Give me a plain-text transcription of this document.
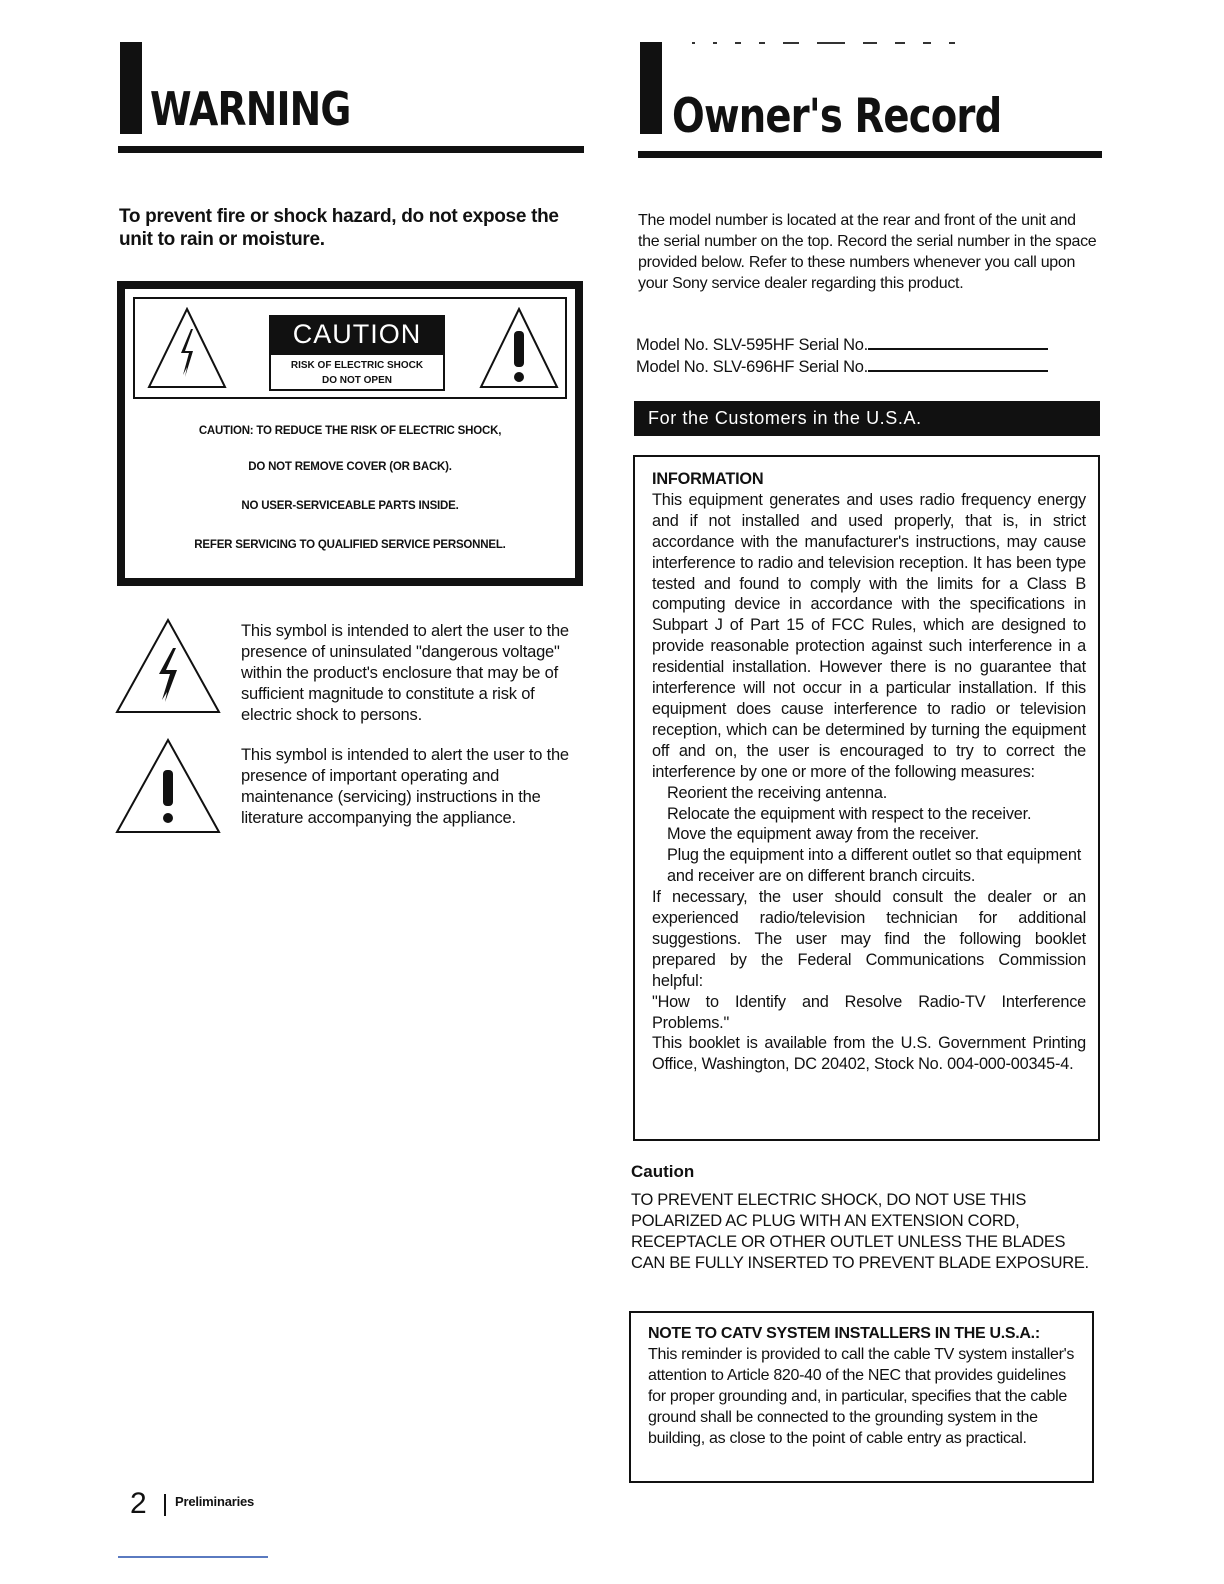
WARNING
To prevent fire or shock hazard, do not expose the unit to rain or moisture.
CAUTION
RISK OF ELECTRIC SHOCK
DO NOT OPEN
CAUTION: TO REDUCE THE RISK OF ELECTRIC SHOCK,
DO NOT REMOVE COVER (OR BACK).
NO USER-SERVICEABLE PARTS INSIDE.
REFER SERVICING TO QUALIFIED SERVICE PERSONNEL.
This symbol is intended to alert the user to the presence of uninsulated "dangerous voltage" within the product's enclosure that may be of sufficient magnitude to constitute a risk of electric shock to persons.
This symbol is intended to alert the user to the presence of important operating and maintenance (servicing) instructions in the literature accompanying the appliance.
Owner's Record
The model number is located at the rear and front of the unit and the serial number on the top. Record the serial number in the space provided below. Refer to these numbers whenever you call upon your Sony service dealer regarding this product.
Model No. SLV-595HF Serial No.
Model No. SLV-696HF Serial No.
For the Customers in the U.S.A.

INFORMATION

This equipment generates and uses radio frequency energy and if not installed and used properly, that is, in strict accordance with the manufacturer's instructions, may cause interference to radio and television reception. It has been type tested and found to comply with the limits for a Class B computing device in accordance with the specifications in Subpart J of Part 15 of FCC Rules, which are designed to provide reasonable protection against such interference in a residential installation. However there is no guarantee that interference will not occur in a particular installation. If this equipment does cause interference to radio or television reception, which can be determined by turning the equipment off and on, the user is encouraged to try to correct the interference by one or more of the following measures:

Reorient the receiving antenna.

Relocate the equipment with respect to the receiver.

Move the equipment away from the receiver.

Plug the equipment into a different outlet so that equipment and receiver are on different branch circuits.

If necessary, the user should consult the dealer or an experienced radio/television technician for additional suggestions. The user may find the following booklet prepared by the Federal Communications Commission helpful:

"How to Identify and Resolve Radio-TV Interference Problems."

This booklet is available from the U.S. Government Printing Office, Washington, DC 20402, Stock No. 004-000-00345-4.

Caution
TO PREVENT ELECTRIC SHOCK, DO NOT USE THIS POLARIZED AC PLUG WITH AN EXTENSION CORD, RECEPTACLE OR OTHER OUTLET UNLESS THE BLADES CAN BE FULLY INSERTED TO PREVENT BLADE EXPOSURE.

NOTE TO CATV SYSTEM INSTALLERS IN THE U.S.A.:

This reminder is provided to call the cable TV system installer's attention to Article 820-40 of the NEC that provides guidelines for proper grounding and, in particular, specifies that the cable ground shall be connected to the grounding system in the building, as close to the point of cable entry as practical.

2 Preliminaries
